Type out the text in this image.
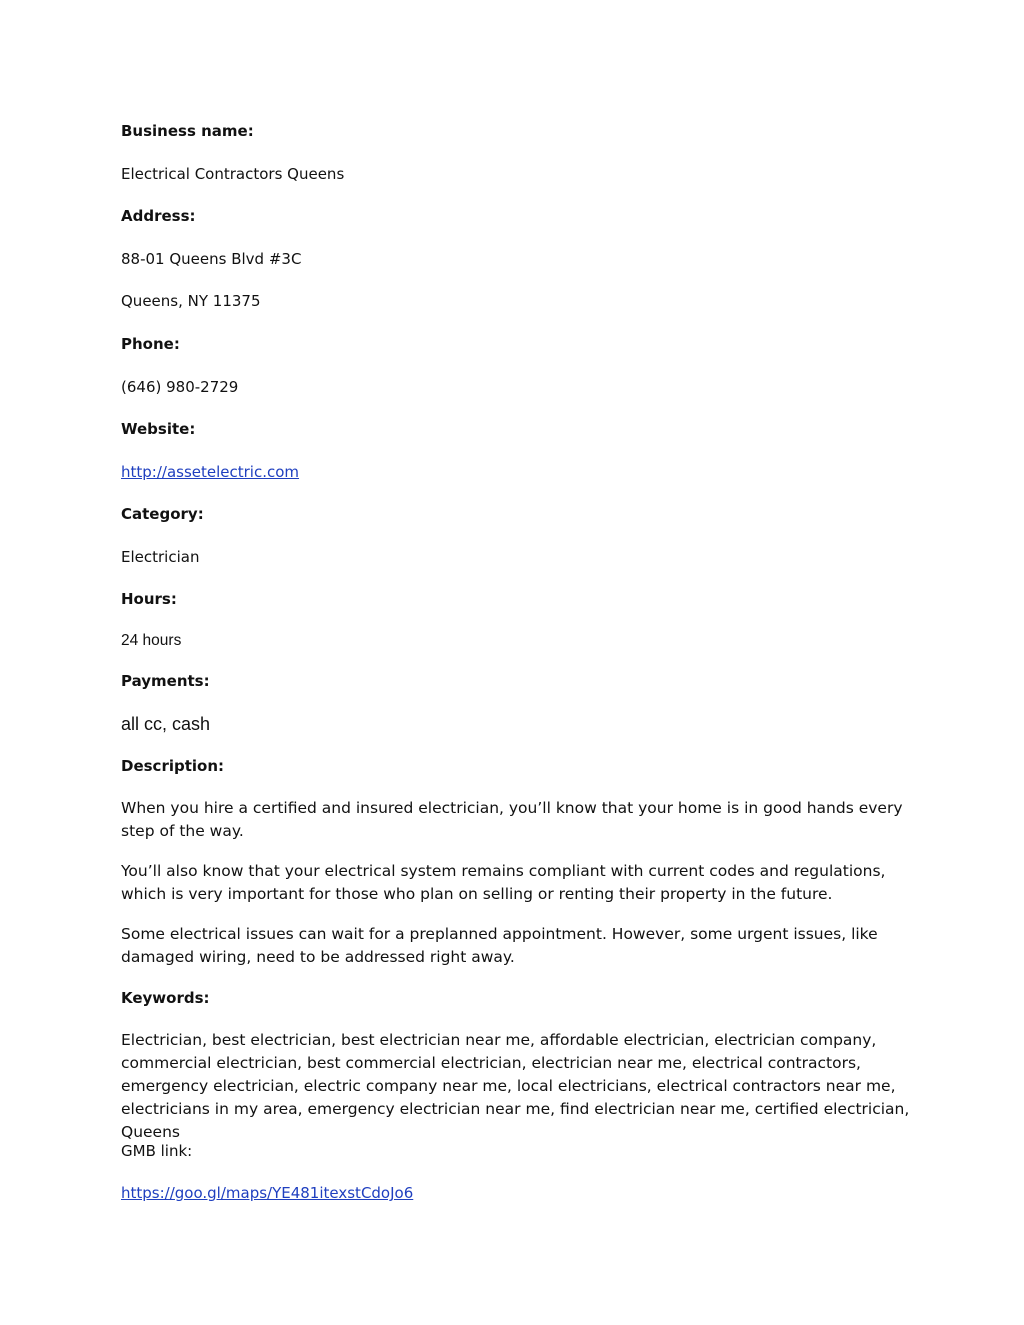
Business name:

Electrical Contractors Queens

Address:

88-01 Queens Blvd #3C

Queens, NY 11375

Phone:

(646) 980-2729

Website:

http://assetelectric.com

Category:

Electrician

Hours:

24 hours

Payments:

all cc, cash

Description:

When you hire a certified and insured electrician, you’ll know that your home is in good hands every step of the way.

You’ll also know that your electrical system remains compliant with current codes and regulations, which is very important for those who plan on selling or renting their property in the future.

Some electrical issues can wait for a preplanned appointment. However, some urgent issues, like damaged wiring, need to be addressed right away.

Keywords:

Electrician, best electrician, best electrician near me, affordable electrician, electrician company, commercial electrician, best commercial electrician, electrician near me, electrical contractors, emergency electrician, electric company near me, local electricians, electrical contractors near me, electricians in my area, emergency electrician near me, find electrician near me, certified electrician, Queens

GMB link:

https://goo.gl/maps/YE481itexstCdoJo6
